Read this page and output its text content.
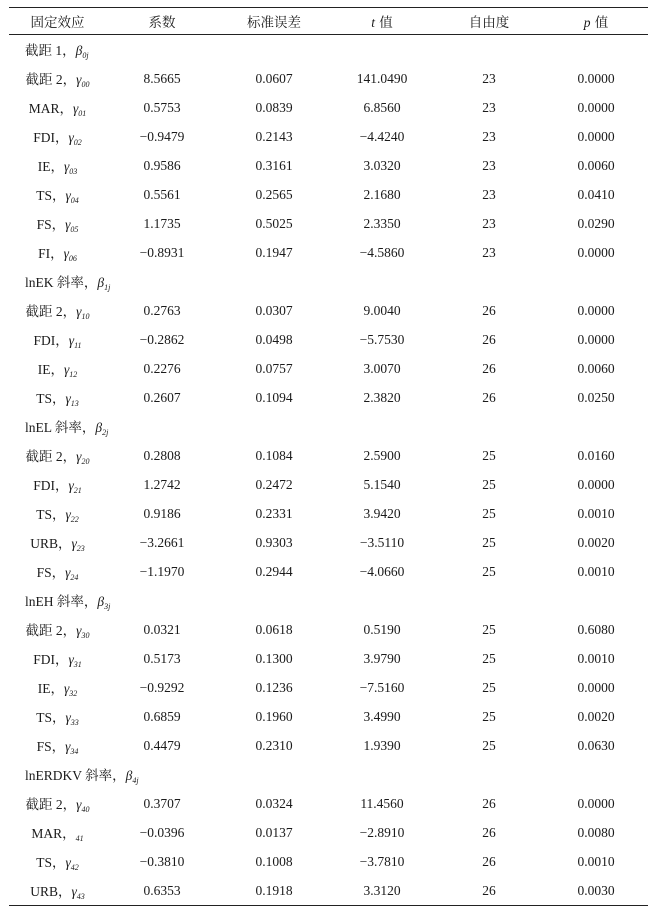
固定效应	系数	标准误差	t 值	自由度	p 值
截距 1，$\beta_{0j}$					
截距 2，$\gamma_{00}$	8.5665	0.0607	141.0490	23	0.0000
MAR，$\gamma_{01}$	0.5753	0.0839	6.8560	23	0.0000
FDI，$\gamma_{02}$	−0.9479	0.2143	−4.4240	23	0.0000
IE，$\gamma_{03}$	0.9586	0.3161	3.0320	23	0.0060
TS，$\gamma_{04}$	0.5561	0.2565	2.1680	23	0.0410
FS，$\gamma_{05}$	1.1735	0.5025	2.3350	23	0.0290
FI，$\gamma_{06}$	−0.8931	0.1947	−4.5860	23	0.0000
lnEK 斜率，$\beta_{1j}$					
截距 2，$\gamma_{10}$	0.2763	0.0307	9.0040	26	0.0000
FDI，$\gamma_{11}$	−0.2862	0.0498	−5.7530	26	0.0000
IE，$\gamma_{12}$	0.2276	0.0757	3.0070	26	0.0060
TS，$\gamma_{13}$	0.2607	0.1094	2.3820	26	0.0250
lnEL 斜率，$\beta_{2j}$					
截距 2，$\gamma_{20}$	0.2808	0.1084	2.5900	25	0.0160
FDI，$\gamma_{21}$	1.2742	0.2472	5.1540	25	0.0000
TS，$\gamma_{22}$	0.9186	0.2331	3.9420	25	0.0010
URB，$\gamma_{23}$	−3.2661	0.9303	−3.5110	25	0.0020
FS，$\gamma_{24}$	−1.1970	0.2944	−4.0660	25	0.0010
lnEH 斜率，$\beta_{3j}$					
截距 2，$\gamma_{30}$	0.0321	0.0618	0.5190	25	0.6080
FDI，$\gamma_{31}$	0.5173	0.1300	3.9790	25	0.0010
IE，$\gamma_{32}$	−0.9292	0.1236	−7.5160	25	0.0000
TS，$\gamma_{33}$	0.6859	0.1960	3.4990	25	0.0020
FS，$\gamma_{34}$	0.4479	0.2310	1.9390	25	0.0630
lnERDKV 斜率，$\beta_{4j}$					
截距 2，$\gamma_{40}$	0.3707	0.0324	11.4560	26	0.0000
MAR，$_{41}$	−0.0396	0.0137	−2.8910	26	0.0080
TS，$\gamma_{42}$	−0.3810	0.1008	−3.7810	26	0.0010
URB，$\gamma_{43}$	0.6353	0.1918	3.3120	26	0.0030
